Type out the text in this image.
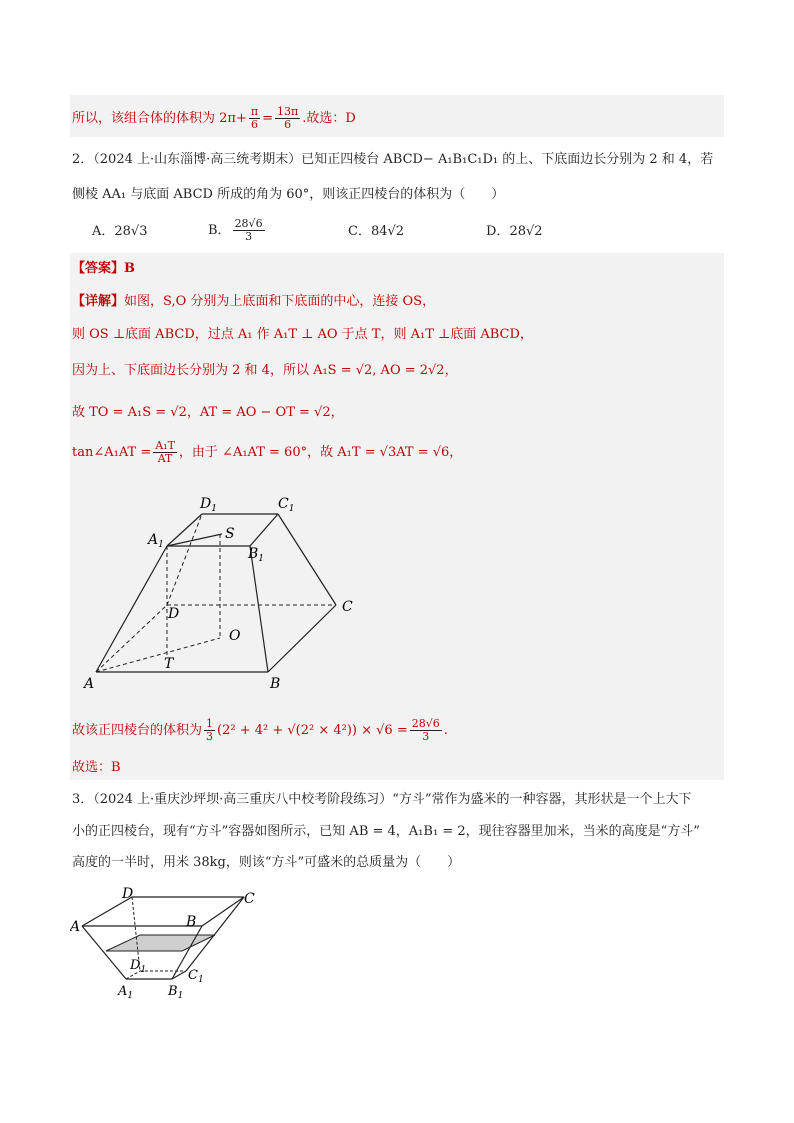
所以，该组合体的体积为 $2\pi+ \frac{\pi}{6} = \frac{13\pi}{6}$ .故选：D
2．（2024 上·山东淄博·高三统考期末）已知正四棱台 ABCD− A₁B₁C₁D₁ 的上、下底面边长分别为 2 和 4，若
侧棱 AA₁ 与底面 ABCD 所成的角为 60°，则该正四棱台的体积为（　　）
A．28√3	B． $\frac{28√6}{3}$	C．84√2	D．28√2
【答案】B
【详解】如图，S,O 分别为上底面和下底面的中心，连接 OS，
则 OS ⊥底面 ABCD，过点 A₁ 作 A₁T ⊥ AO 于点 T，则 A₁T ⊥底面 ABCD，
因为上、下底面边长分别为 2 和 4，所以 A₁S = √2, AO = 2√2，
故 TO = A₁S = √2，AT = AO − OT = √2，
tan∠A₁AT = $\frac{\text{A₁T}}{AT}$ ，由于 ∠A₁AT = 60°，故 A₁T = √3AT = √6，
$A_1$
$D_1$	$C_1$
$B_1$
S
D
O
T
C
A	B
故该正四棱台的体积为 $\frac{1}{3} (2^2 + 4^2 + √(2^2 \times 4^2)) \times √6 = \frac{28√6}{3}$ .
故选：B
3．（2024 上·重庆沙坪坝·高三重庆八中校考阶段练习）“方斗”常作为盛米的一种容器，其形状是一个上大下
小的正四棱台，现有“方斗”容器如图所示，已知 AB = 4，A₁B₁ = 2，现往容器里加米，当米的高度是“方斗”
高度的一半时，用米 38kg，则该“方斗”可盛米的总质量为（　　）
A
D	C
B
$D_1$	$C_1$
$A_1$	$B_1$
